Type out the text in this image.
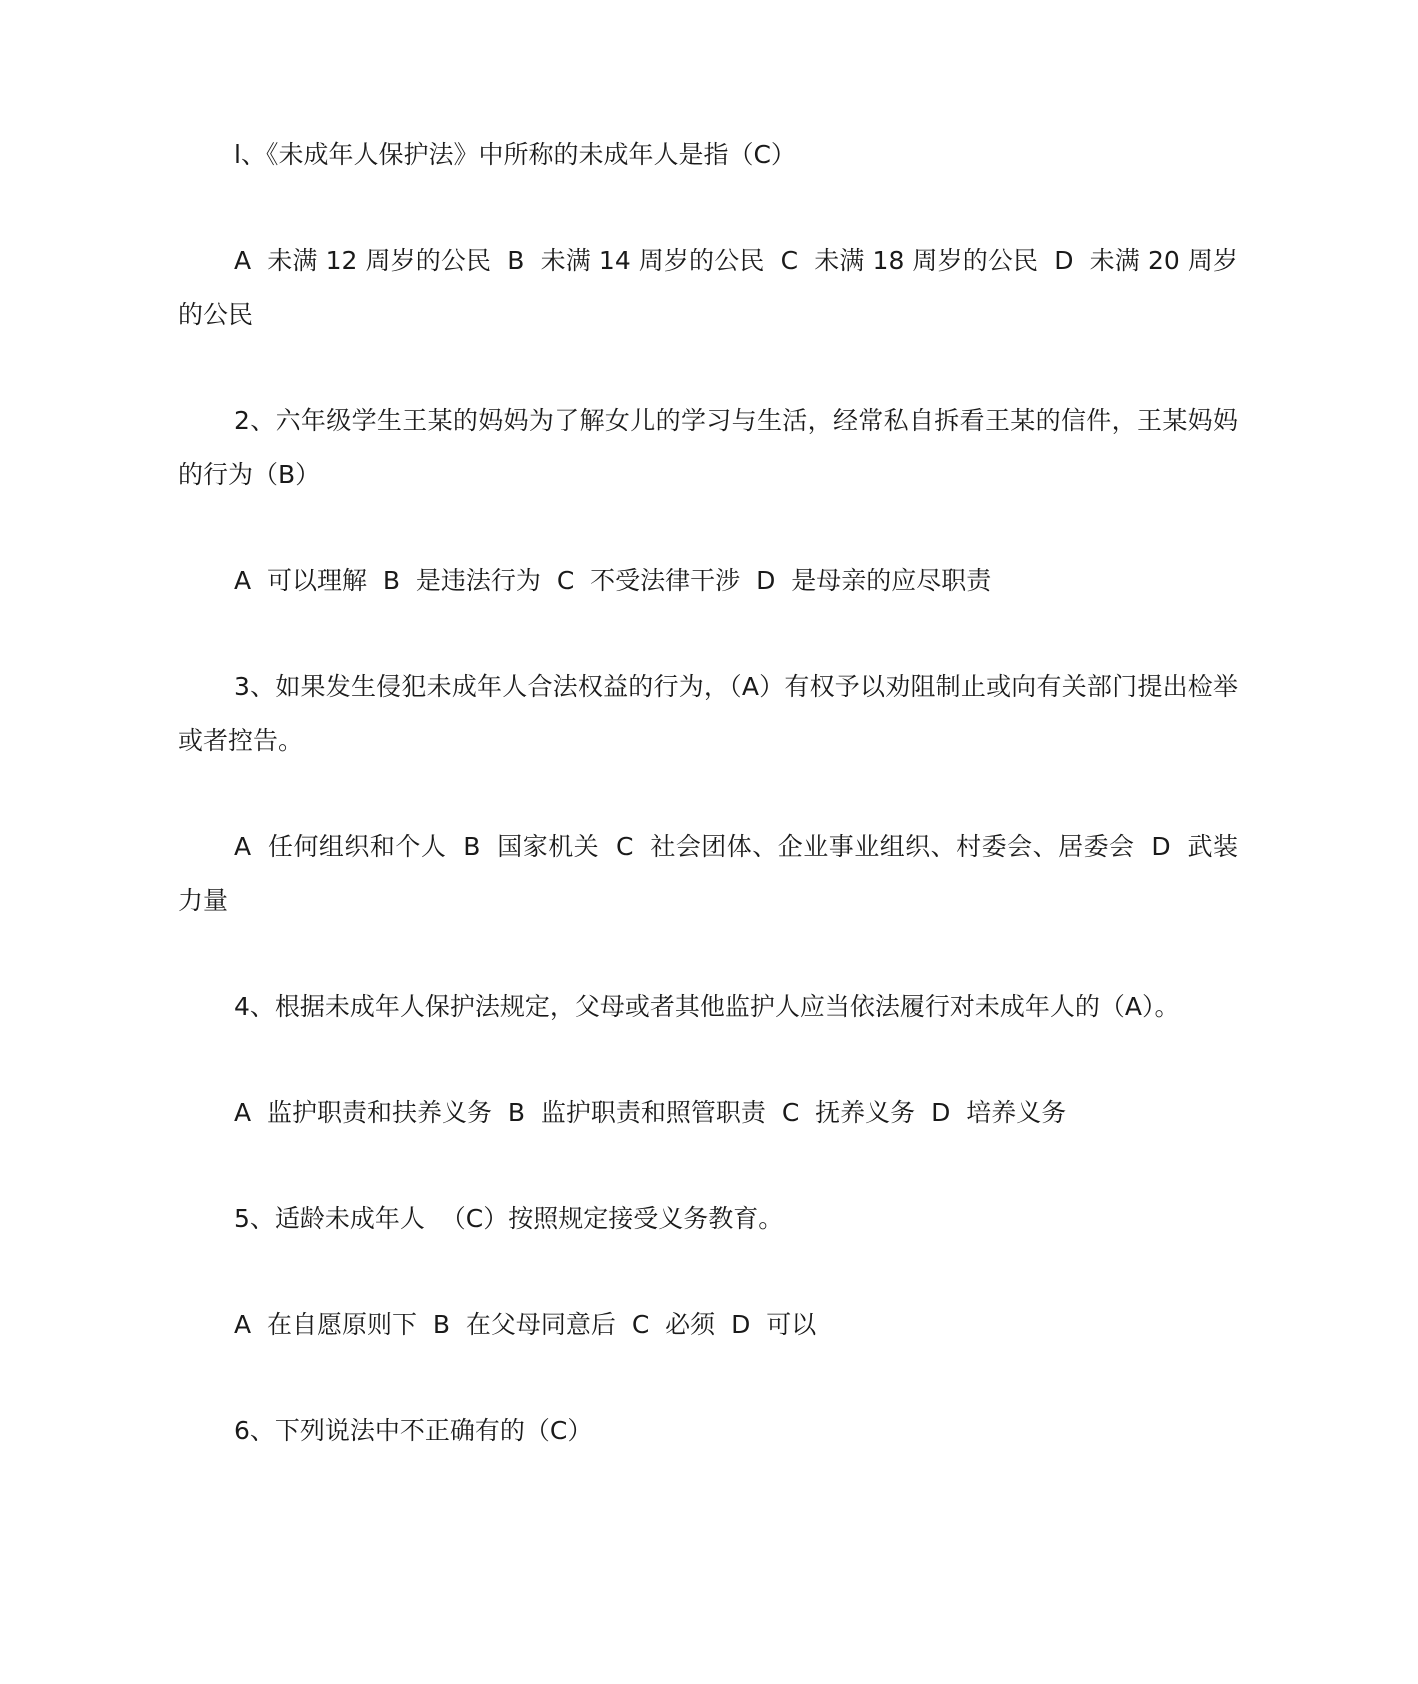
l、《未成年人保护法》中所称的未成年人是指（C）

A  未满 12 周岁的公民  B  未满 14 周岁的公民  C  未满 18 周岁的公民  D  未满 20 周岁的公民

2、六年级学生王某的妈妈为了解女儿的学习与生活，经常私自拆看王某的信件，王某妈妈的行为（B）

A  可以理解  B  是违法行为  C  不受法律干涉  D  是母亲的应尽职责

3、如果发生侵犯未成年人合法权益的行为，（A）有权予以劝阻制止或向有关部门提出检举或者控告。

A  任何组织和个人  B  国家机关  C  社会团体、企业事业组织、村委会、居委会  D  武装力量

4、根据未成年人保护法规定，父母或者其他监护人应当依法履行对未成年人的（A）。

A  监护职责和扶养义务  B  监护职责和照管职责  C  抚养义务  D  培养义务

5、适龄未成年人  （C）按照规定接受义务教育。

A  在自愿原则下  B  在父母同意后  C  必须  D  可以

6、下列说法中不正确有的（C）
